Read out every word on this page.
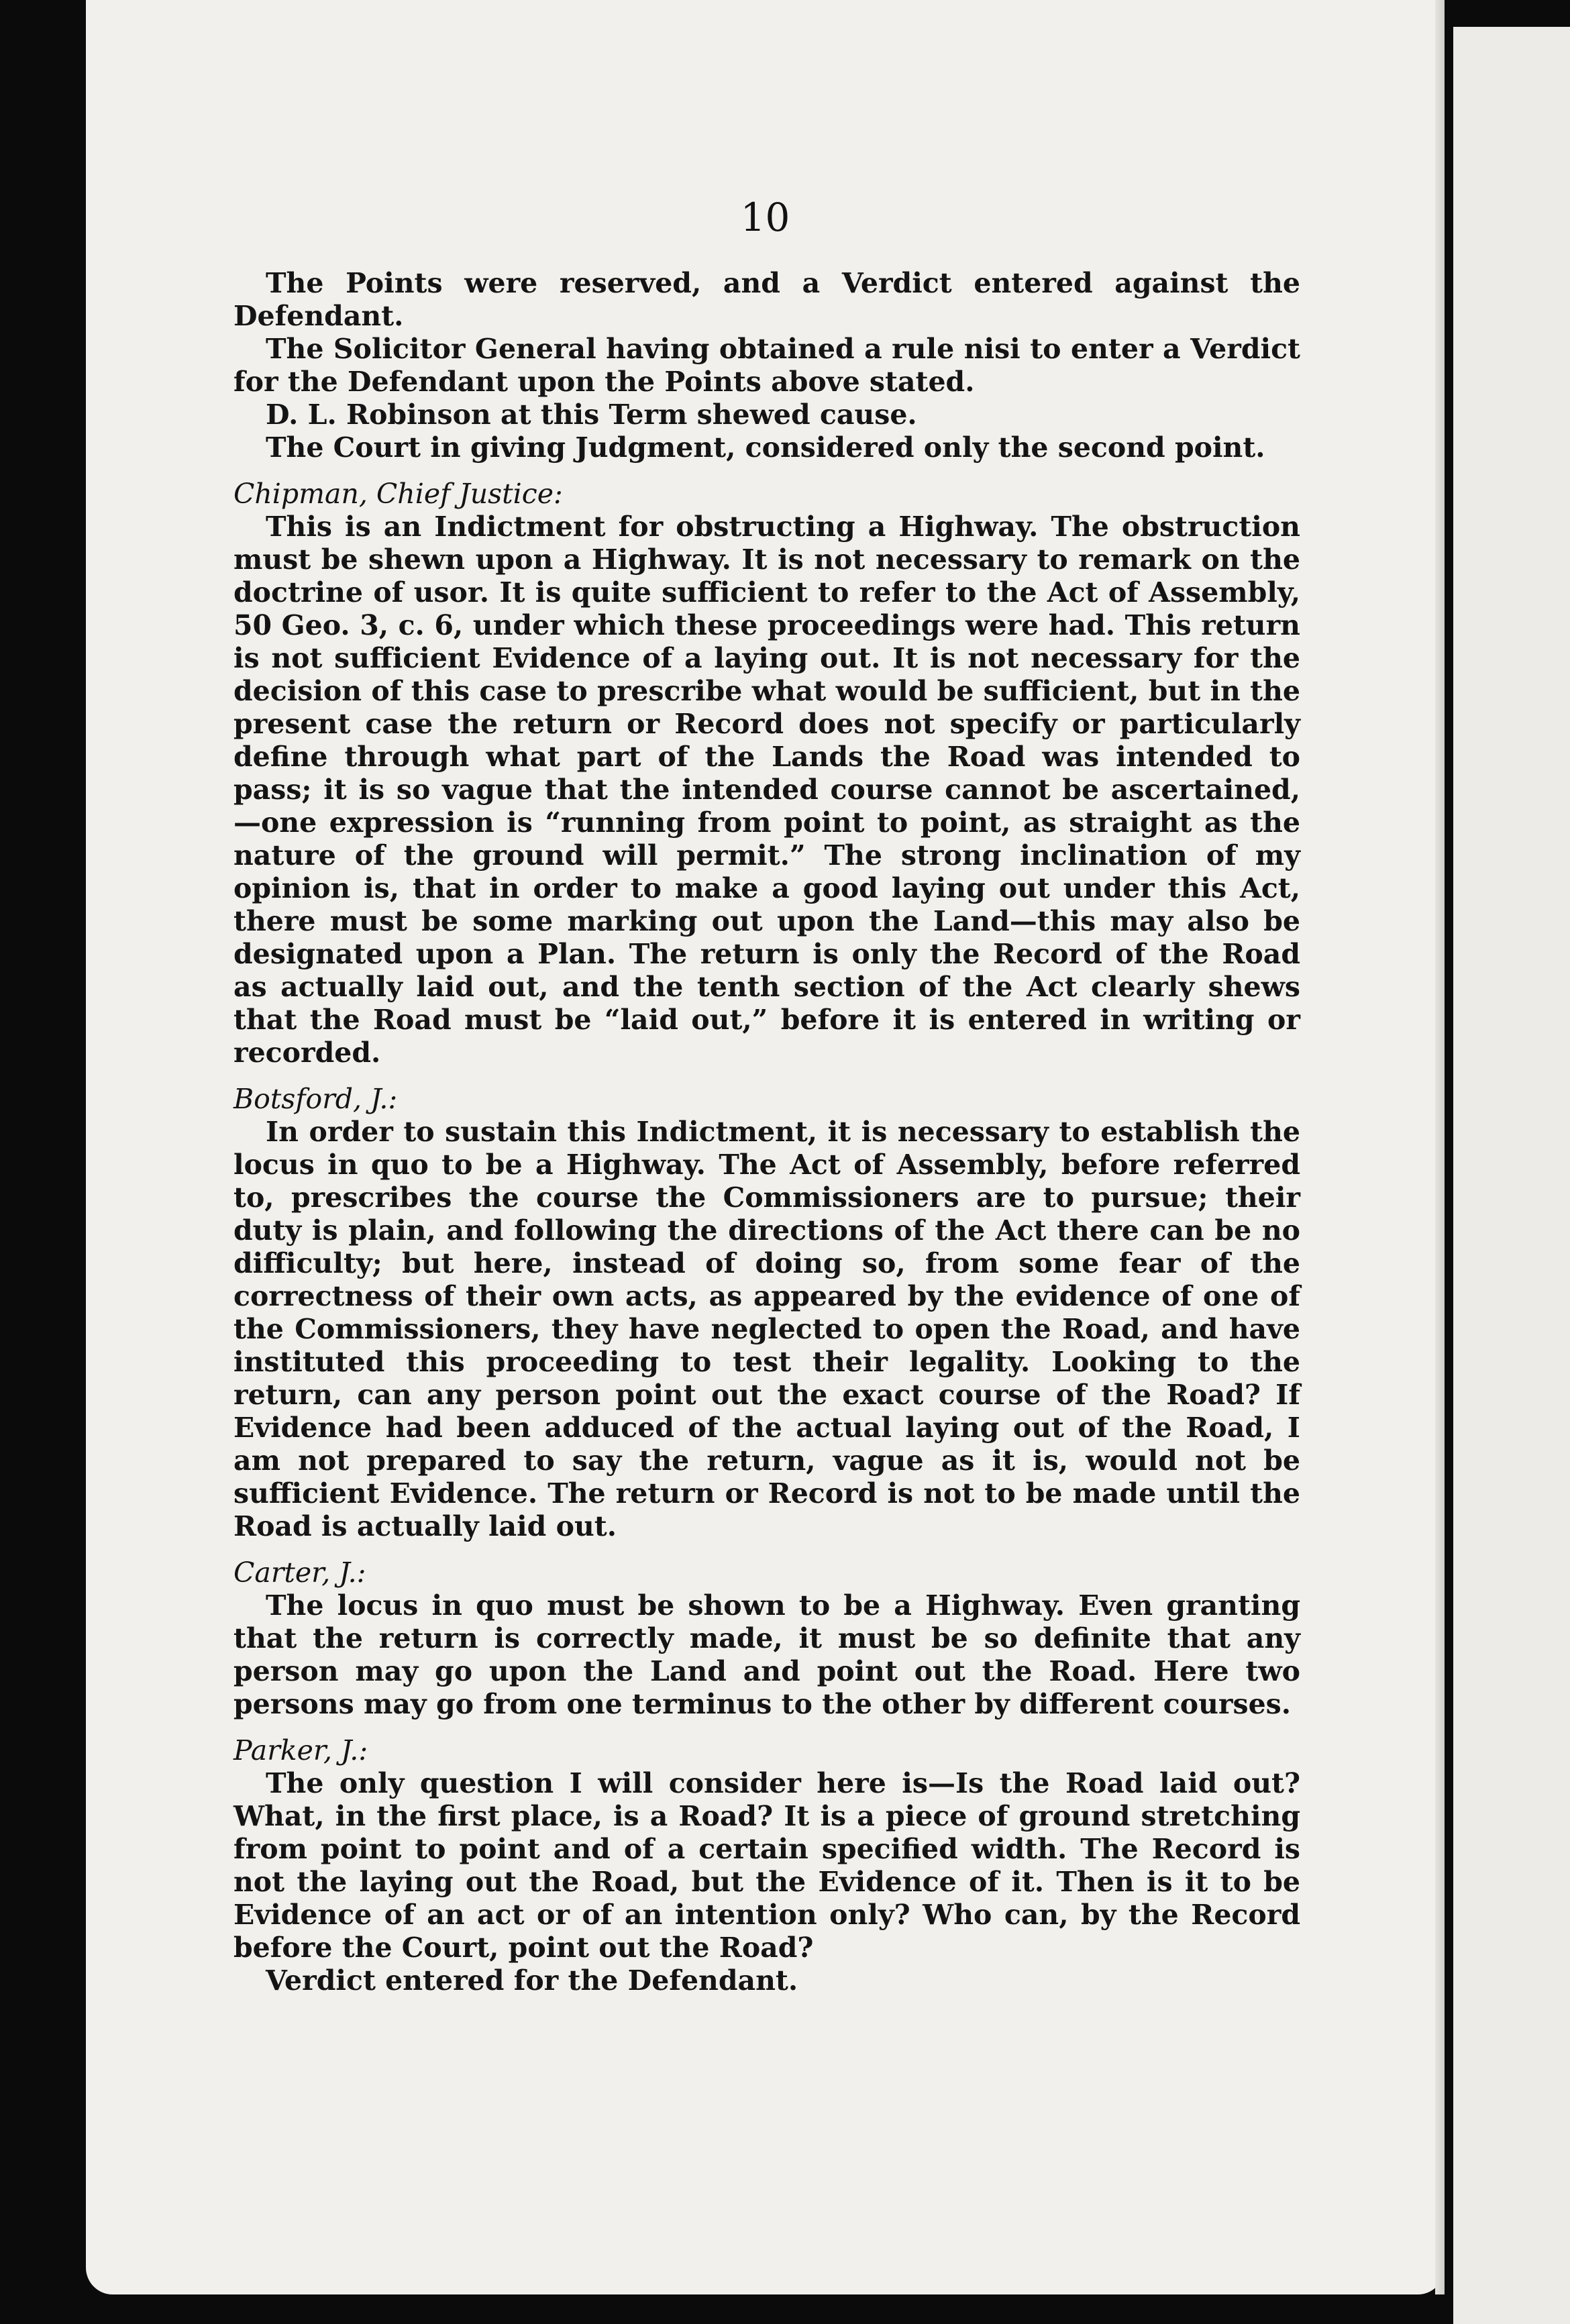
10

The Points were reserved, and a Verdict entered against the Defendant.

The Solicitor General having obtained a rule nisi to enter a Verdict for the Defendant upon the Points above stated.

D. L. Robinson at this Term shewed cause.

The Court in giving Judgment, considered only the second point.

Chipman, Chief Justice:

This is an Indictment for obstructing a Highway. The obstruction must be shewn upon a Highway. It is not necessary to remark on the doctrine of usor. It is quite sufficient to refer to the Act of Assembly, 50 Geo. 3, c. 6, under which these proceedings were had. This return is not sufficient Evidence of a laying out. It is not necessary for the decision of this case to prescribe what would be sufficient, but in the present case the return or Record does not specify or particularly define through what part of the Lands the Road was intended to pass; it is so vague that the intended course cannot be ascertained,—one expression is “running from point to point, as straight as the nature of the ground will permit.” The strong inclination of my opinion is, that in order to make a good laying out under this Act, there must be some marking out upon the Land—this may also be designated upon a Plan. The return is only the Record of the Road as actually laid out, and the tenth section of the Act clearly shews that the Road must be “laid out,” before it is entered in writing or recorded.

Botsford, J.:

In order to sustain this Indictment, it is necessary to establish the locus in quo to be a Highway. The Act of Assembly, before referred to, prescribes the course the Commissioners are to pursue; their duty is plain, and following the directions of the Act there can be no difficulty; but here, instead of doing so, from some fear of the correctness of their own acts, as appeared by the evidence of one of the Commissioners, they have neglected to open the Road, and have instituted this proceeding to test their legality. Looking to the return, can any person point out the exact course of the Road? If Evidence had been adduced of the actual laying out of the Road, I am not prepared to say the return, vague as it is, would not be sufficient Evidence. The return or Record is not to be made until the Road is actually laid out.

Carter, J.:

The locus in quo must be shown to be a Highway. Even granting that the return is correctly made, it must be so definite that any person may go upon the Land and point out the Road. Here two persons may go from one terminus to the other by different courses.

Parker, J.:

The only question I will consider here is—Is the Road laid out? What, in the first place, is a Road? It is a piece of ground stretching from point to point and of a certain specified width. The Record is not the laying out the Road, but the Evidence of it. Then is it to be Evidence of an act or of an intention only? Who can, by the Record before the Court, point out the Road?

Verdict entered for the Defendant.
